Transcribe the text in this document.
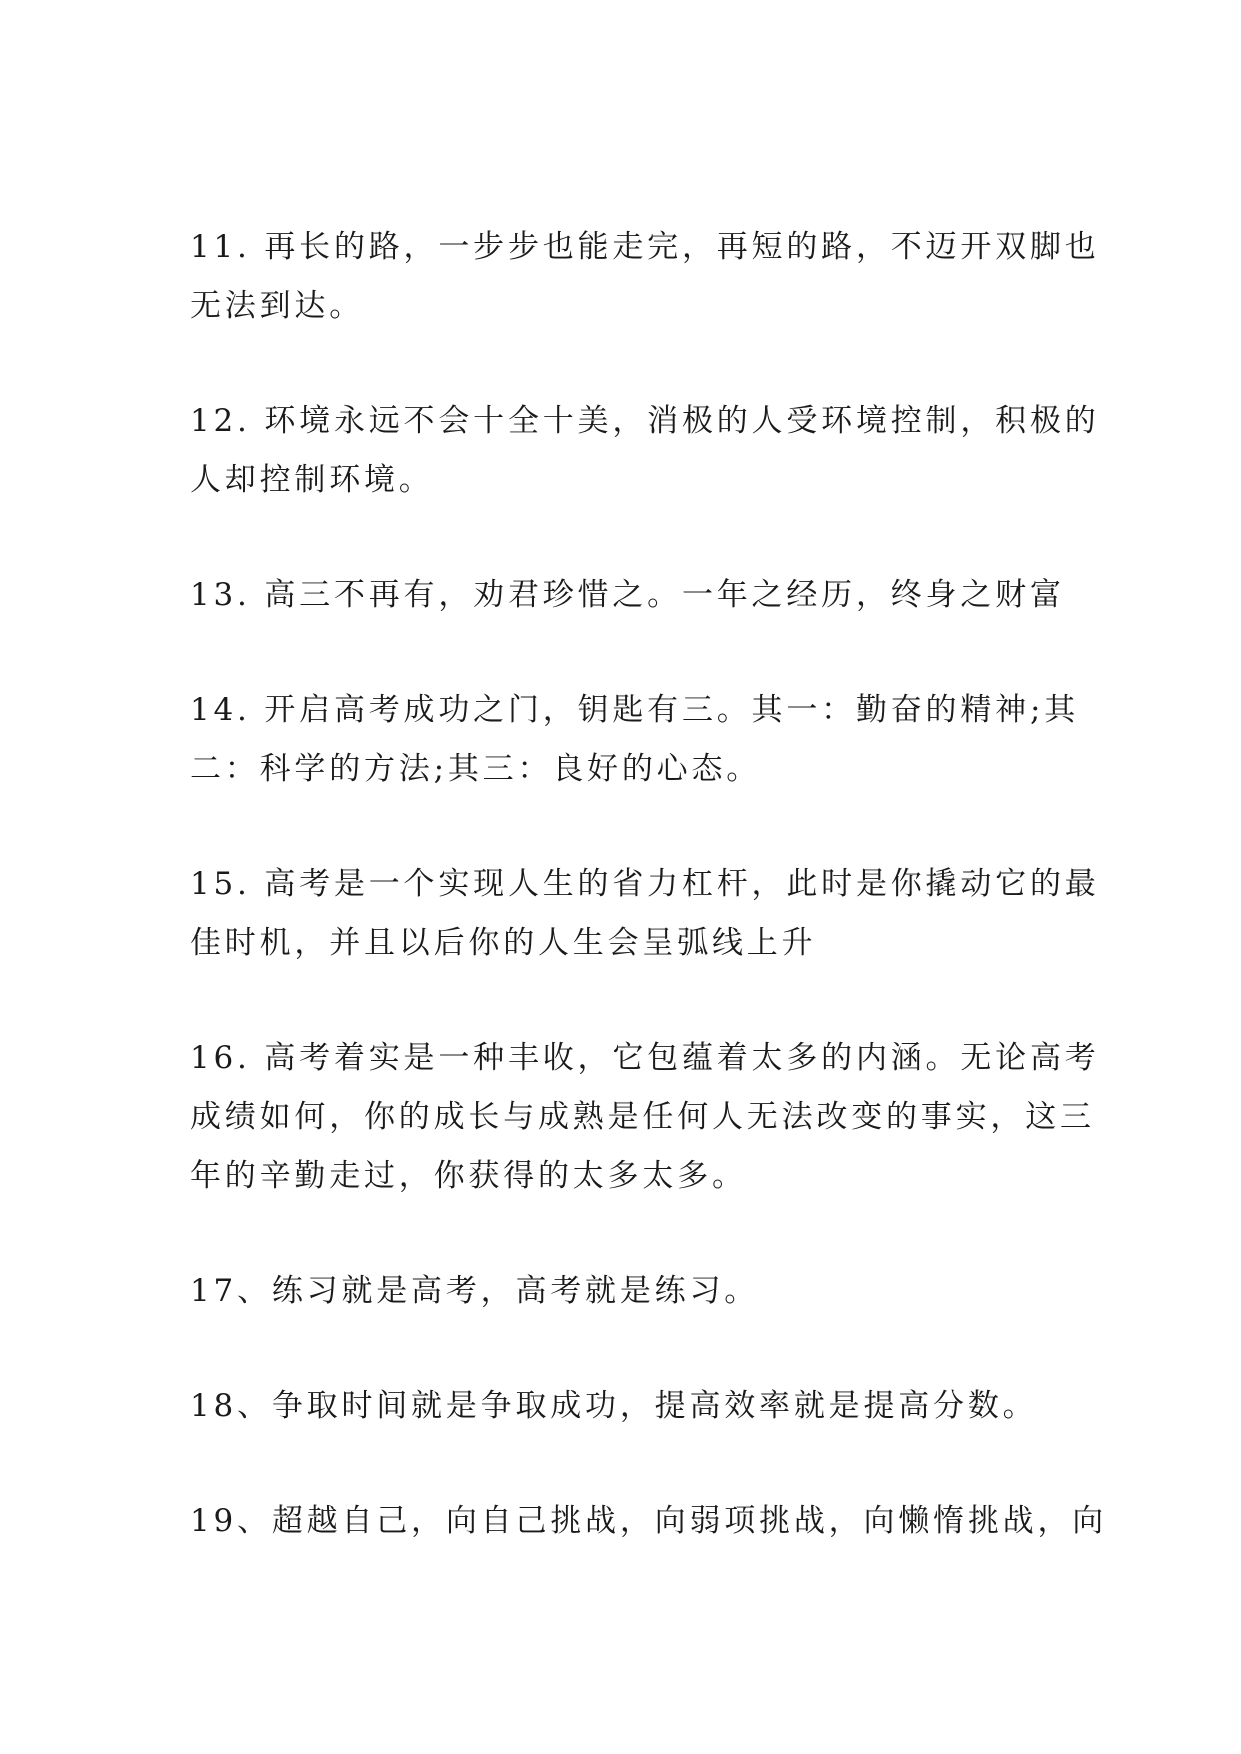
11. 再长的路，一步步也能走完，再短的路，不迈开双脚也
无法到达。
12. 环境永远不会十全十美，消极的人受环境控制，积极的
人却控制环境。
13. 高三不再有，劝君珍惜之。一年之经历，终身之财富
14. 开启高考成功之门，钥匙有三。其一：勤奋的精神;其
二：科学的方法;其三：良好的心态。
15. 高考是一个实现人生的省力杠杆，此时是你撬动它的最
佳时机，并且以后你的人生会呈弧线上升
16. 高考着实是一种丰收，它包蕴着太多的内涵。无论高考
成绩如何，你的成长与成熟是任何人无法改变的事实，这三
年的辛勤走过，你获得的太多太多。
17、练习就是高考，高考就是练习。
18、争取时间就是争取成功，提高效率就是提高分数。
19、超越自己，向自己挑战，向弱项挑战，向懒惰挑战，向
